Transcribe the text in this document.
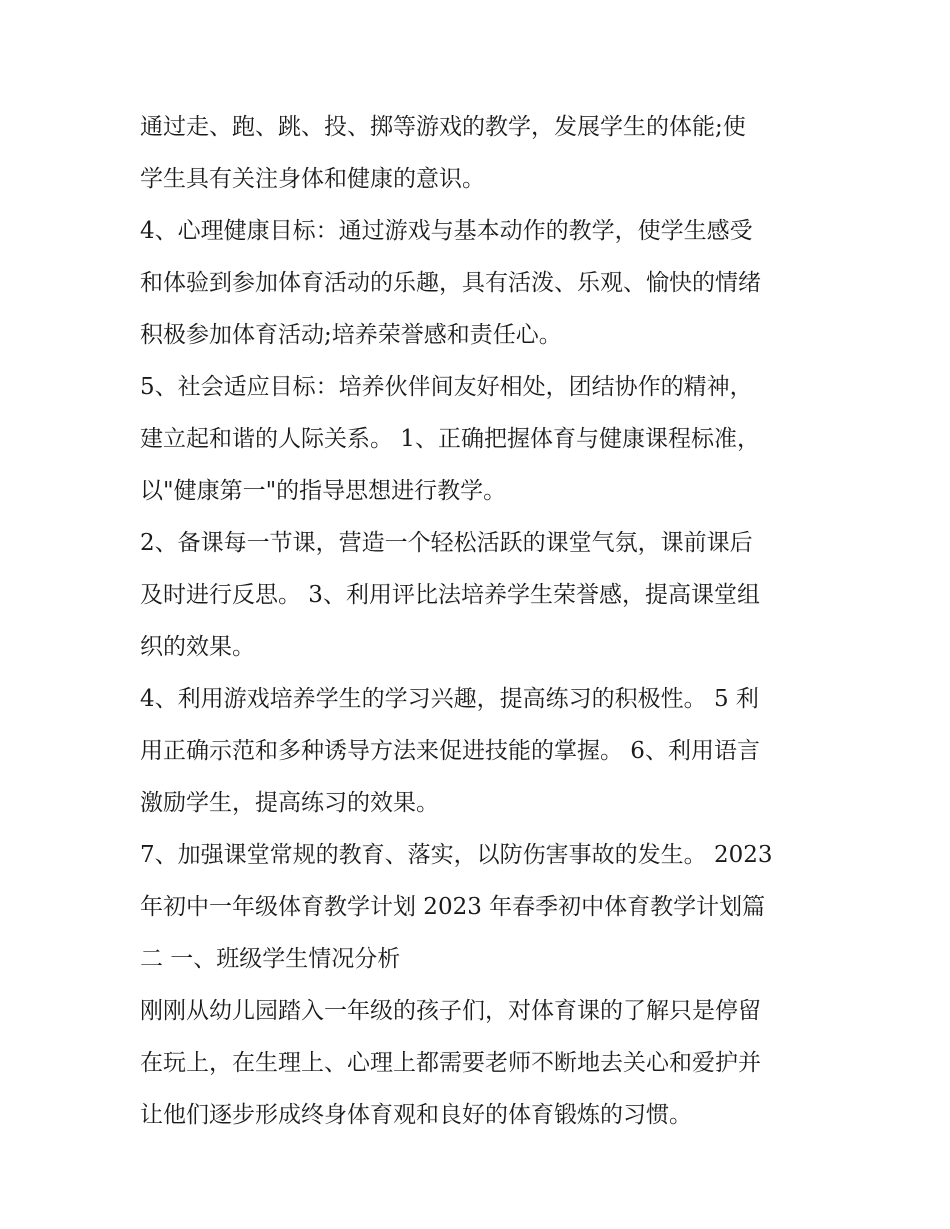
通过走、跑、跳、投、掷等游戏的教学，发展学生的体能;使
学生具有关注身体和健康的意识。
4、心理健康目标：通过游戏与基本动作的教学，使学生感受
和体验到参加体育活动的乐趣，具有活泼、乐观、愉快的情绪
积极参加体育活动;培养荣誉感和责任心。
5、社会适应目标：培养伙伴间友好相处，团结协作的精神，
建立起和谐的人际关系。 1、正确把握体育与健康课程标准，
以"健康第一"的指导思想进行教学。
2、备课每一节课，营造一个轻松活跃的课堂气氛，课前课后
及时进行反思。 3、利用评比法培养学生荣誉感，提高课堂组
织的效果。
4、利用游戏培养学生的学习兴趣，提高练习的积极性。 5 利
用正确示范和多种诱导方法来促进技能的掌握。 6、利用语言
激励学生，提高练习的效果。
7、加强课堂常规的教育、落实，以防伤害事故的发生。 2023
年初中一年级体育教学计划 2023 年春季初中体育教学计划篇
二 一、班级学生情况分析
刚刚从幼儿园踏入一年级的孩子们，对体育课的了解只是停留
在玩上，在生理上、心理上都需要老师不断地去关心和爱护并
让他们逐步形成终身体育观和良好的体育锻炼的习惯。
